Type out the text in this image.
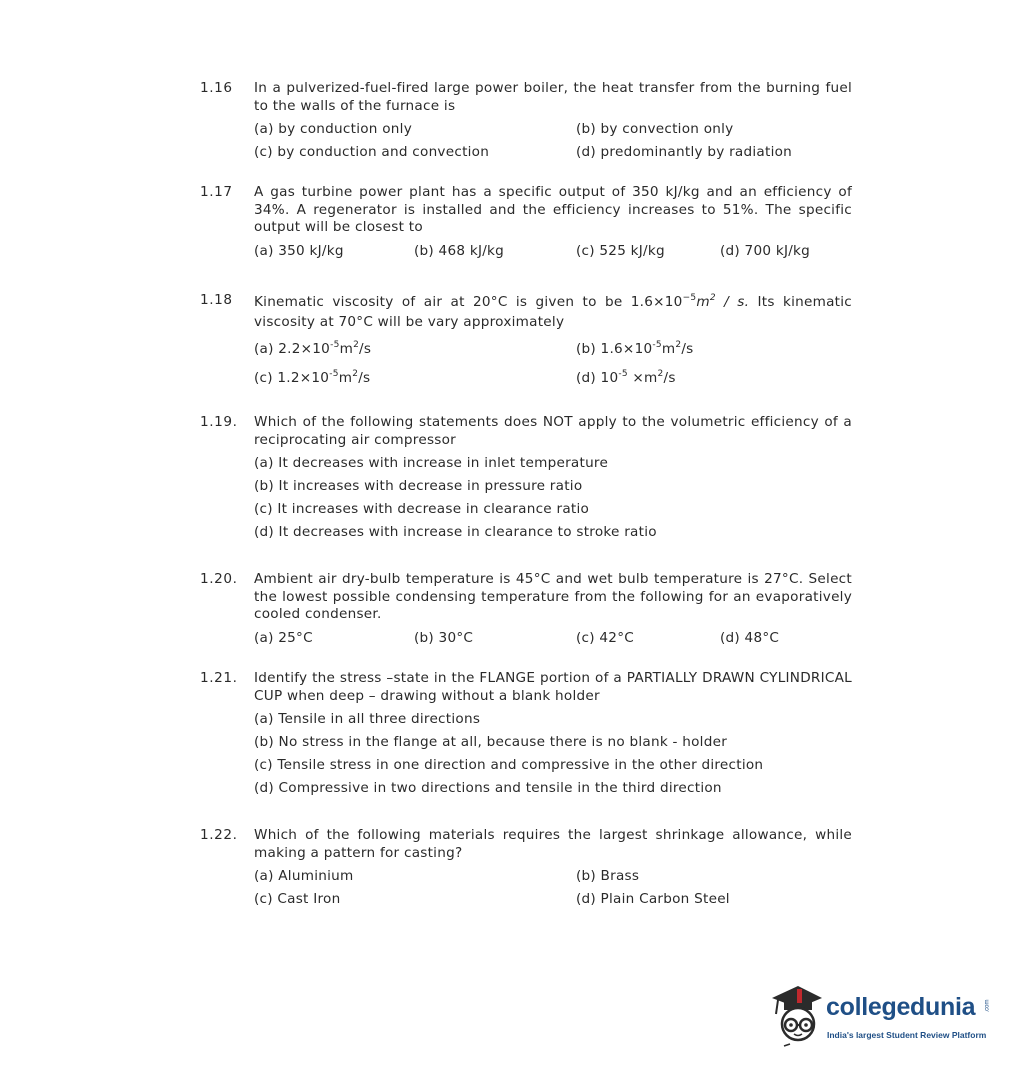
1.16 In a pulverized-fuel-fired large power boiler, the heat transfer from the burning fuel to the walls of the furnace is
(a) by conduction only	(b) by convection only
(c) by conduction and convection	(d) predominantly by radiation
1.17 A gas turbine power plant has a specific output of 350 kJ/kg and an efficiency of 34%. A regenerator is installed and the efficiency increases to 51%. The specific output will be closest to
(a) 350 kJ/kg	(b) 468 kJ/kg	(c) 525 kJ/kg	(d) 700 kJ/kg
1.18 Kinematic viscosity of air at 20°C is given to be $1.6\times 10^{-5}m^2 / s$. Its kinematic viscosity at 70°C will be vary approximately
(a) $2.2\times 10^{-5}m^2/s$	(b) $1.6\times 10^{-5}m^2/s$
(c) $1.2\times 10^{-5}m^2/s$	(d) $10^{-5} \times m^2/s$
1.19. Which of the following statements does NOT apply to the volumetric efficiency of a reciprocating air compressor
(a) It decreases with increase in inlet temperature
(b) It increases with decrease in pressure ratio
(c) It increases with decrease in clearance ratio
(d) It decreases with increase in clearance to stroke ratio
1.20. Ambient air dry-bulb temperature is 45°C and wet bulb temperature is 27°C. Select the lowest possible condensing temperature from the following for an evaporatively cooled condenser.
(a) 25°C	(b) 30°C	(c) 42°C	(d) 48°C
1.21. Identify the stress –state in the FLANGE portion of a PARTIALLY DRAWN CYLINDRICAL CUP when deep – drawing without a blank holder
(a) Tensile in all three directions
(b) No stress in the flange at all, because there is no blank - holder
(c) Tensile stress in one direction and compressive in the other direction
(d) Compressive in two directions and tensile in the third direction
1.22. Which of the following materials requires the largest shrinkage allowance, while making a pattern for casting?
(a) Aluminium	(b) Brass
(c) Cast Iron	(d) Plain Carbon Steel
collegedunia .com
India's largest Student Review Platform
